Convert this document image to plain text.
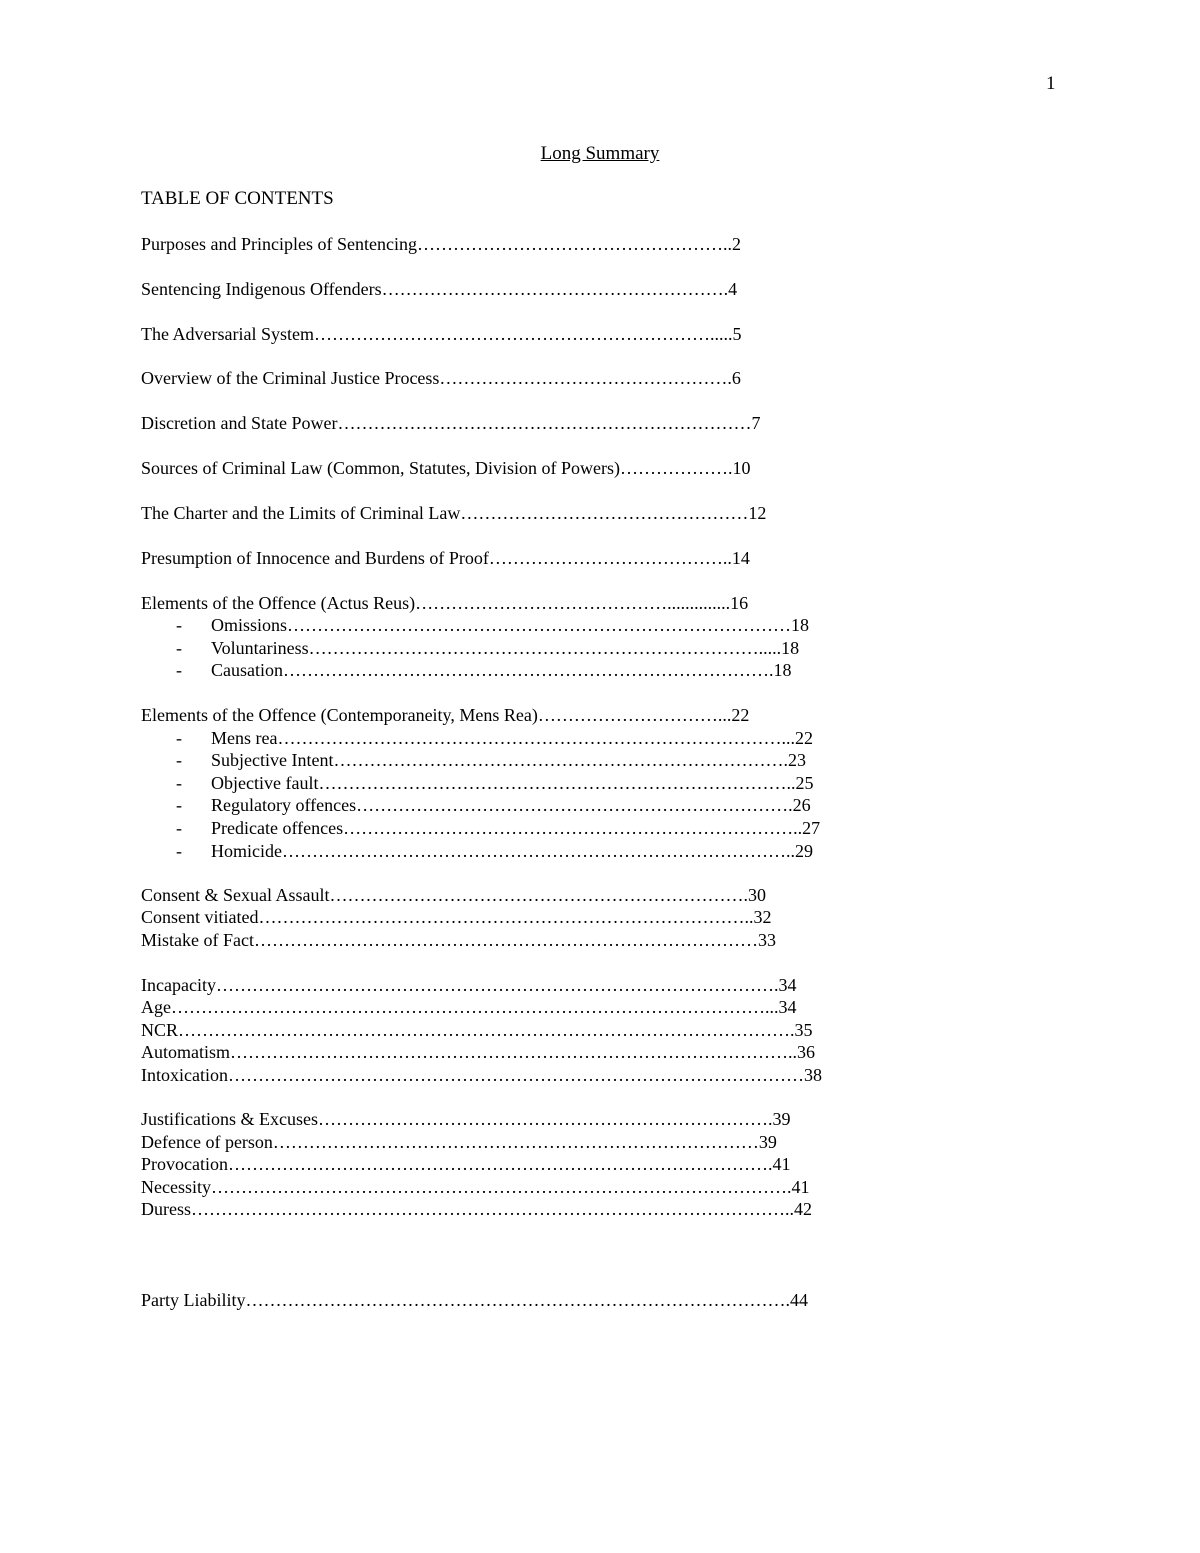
1
Long Summary
TABLE OF CONTENTS
Purposes and Principles of Sentencing……………………………………………..2
Sentencing Indigenous Offenders………………………………………………….4
The Adversarial System………………………………………………………….....5
Overview of the Criminal Justice Process………………………………………….6
Discretion and State Power……………………………………………………………7
Sources of Criminal Law (Common, Statutes, Division of Powers)……………….10
The Charter and the Limits of Criminal Law…………………………………………12
Presumption of Innocence and Burdens of Proof…………………………………..14
Elements of the Offence (Actus Reus)……………………………………..............16
- Omissions…………………………………………………………………………18
- Voluntariness………………………………………………………………….....18
- Causation……………………………………………………………………….18
Elements of the Offence (Contemporaneity, Mens Rea)…………………………...22
- Mens rea…………………………………………………………………………...22
- Subjective Intent………………………………………………………………….23
- Objective fault……………………………………………………………………..25
- Regulatory offences……………………………………………………………….26
- Predicate offences…………………………………………………………………..27
- Homicide…………………………………………………………………………..29
Consent & Sexual Assault…………………………………………………………….30
Consent vitiated………………………………………………………………………..32
Mistake of Fact…………………………………………………………………………33
Incapacity………………………………………………………………………………….34
Age………………………………………………………………………………………...34
NCR………………………………………………………………………………………….35
Automatism…………………………………………………………………………………..36
Intoxication……………………………………………………………………………………38
Justifications & Excuses………………………………………………………………….39
Defence of person………………………………………………………………………39
Provocation……………………………………………………………………………….41
Necessity…………………………………………………………………………………….41
Duress………………………………………………………………………………………..42
Party Liability……………………………………………………………………………….44
